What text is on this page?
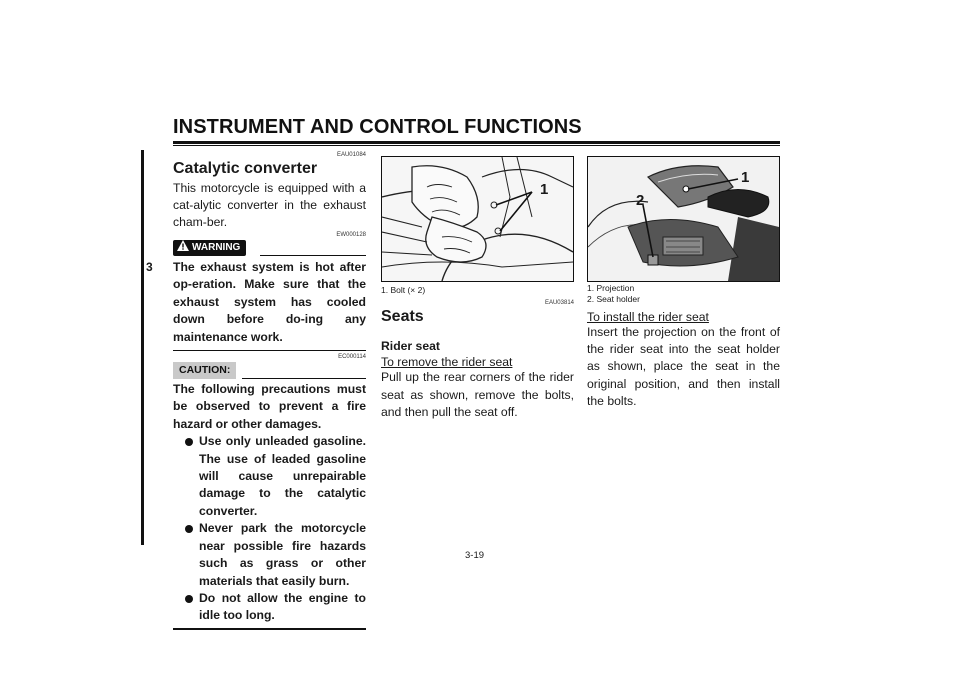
INSTRUMENT AND CONTROL FUNCTIONS
3
EAU01084
Catalytic converter
This motorcycle is equipped with a cat-alytic converter in the exhaust cham-ber.
EW000128
WARNING
The exhaust system is hot after op-eration. Make sure that the exhaust system has cooled down before do-ing any maintenance work.
EC000114
CAUTION:
The following precautions must be observed to prevent a fire hazard or other damages.
Use only unleaded gasoline. The use of leaded gasoline will cause unrepairable damage to the catalytic converter.
Never park the motorcycle near possible fire hazards such as grass or other materials that easily burn.
Do not allow the engine to idle too long.
1
1. Bolt (× 2)
EAU03814
Seats
Rider seat
To remove the rider seat
Pull up the rear corners of the rider seat as shown, remove the bolts, and then pull the seat off.
1
2
1. Projection
2. Seat holder
To install the rider seat
Insert the projection on the front of the rider seat into the seat holder as shown, place the seat in the original position, and then install the bolts.
3-19
